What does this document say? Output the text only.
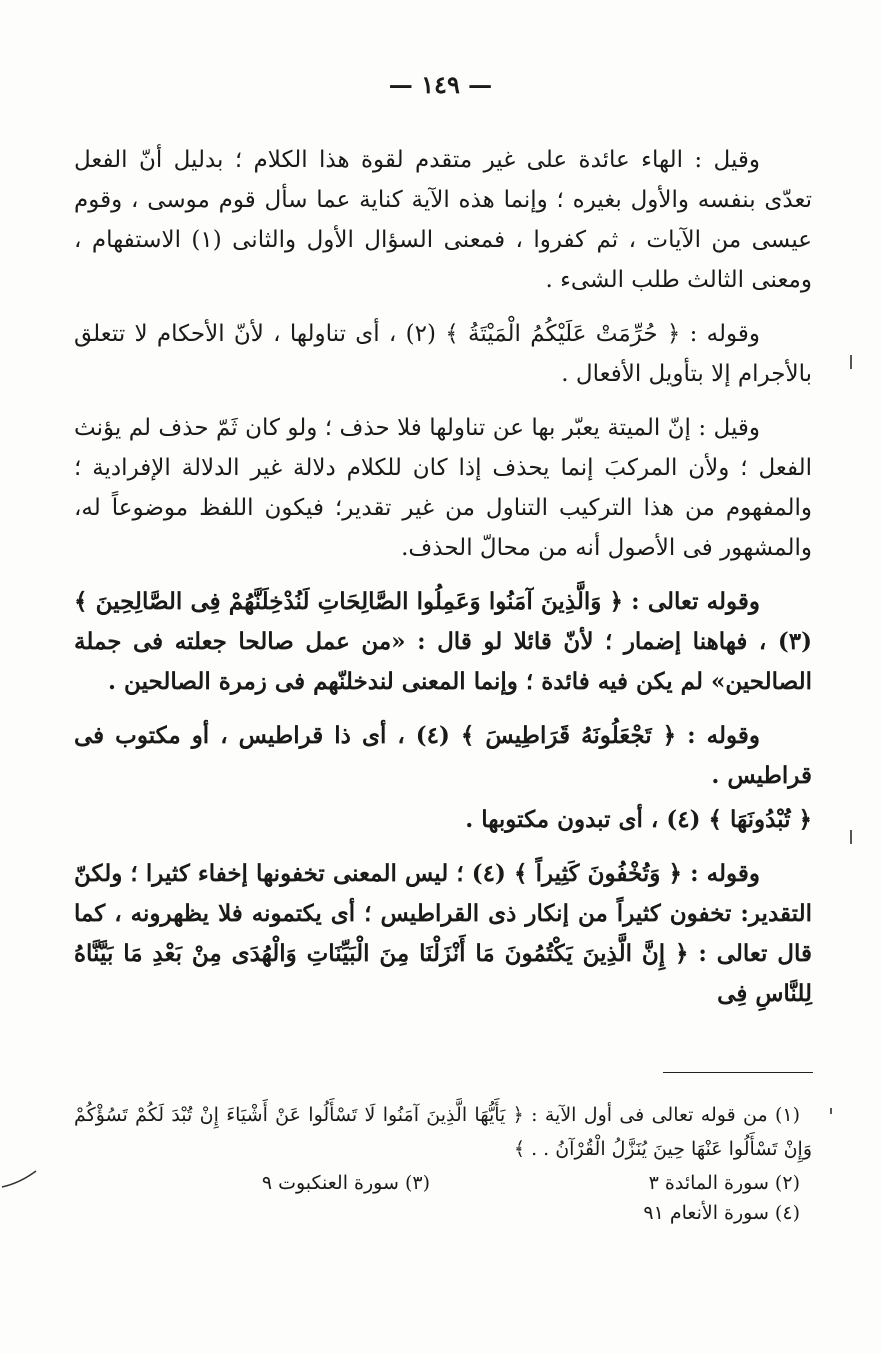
— ١٤٩ —

وقيل : الهاء عائدة على غير متقدم لقوة هذا الكلام ؛ بدليل أنّ الفعل تعدّى بنفسه والأول بغيره ؛ وإنما هذه الآية كناية عما سأل قوم موسى ، وقوم عيسى من الآيات ، ثم كفروا ، فمعنى السؤال الأول والثانى (١) الاستفهام ، ومعنى الثالث طلب الشىء .

وقوله : ﴿ حُرِّمَتْ عَلَيْكُمُ الْمَيْتَةُ ﴾ (٢) ، أى تناولها ، لأنّ الأحكام لا تتعلق بالأجرام إلا بتأويل الأفعال .

وقيل : إنّ الميتة يعبّر بها عن تناولها فلا حذف ؛ ولو كان ثَمّ حذف لم يؤنث الفعل ؛ ولأن المركبَ إنما يحذف إذا كان للكلام دلالة غير الدلالة الإفرادية ؛ والمفهوم من هذا التركيب التناول من غير تقدير؛ فيكون اللفظ موضوعاً له، والمشهور فى الأصول أنه من محالّ الحذف.

وقوله تعالى : ﴿ وَالَّذِينَ آمَنُوا وَعَمِلُوا الصَّالِحَاتِ لَنُدْخِلَنَّهُمْ فِى الصَّالِحِينَ ﴾ (٣) ، فهاهنا إضمار ؛ لأنّ قائلا لو قال : «من عمل صالحا جعلته فى جملة الصالحين» لم يكن فيه فائدة ؛ وإنما المعنى لندخلنّهم فى زمرة الصالحين .

وقوله : ﴿ تَجْعَلُونَهُ قَرَاطِيسَ ﴾ (٤) ، أى ذا قراطيس ، أو مكتوب فى قراطيس .

﴿ تُبْدُونَهَا ﴾ (٤) ، أى تبدون مكتوبها .

وقوله : ﴿ وَتُخْفُونَ كَثِيراً ﴾ (٤) ؛ ليس المعنى تخفونها إخفاء كثيرا ؛ ولكنّ التقدير: تخفون كثيراً من إنكار ذى القراطيس ؛ أى يكتمونه فلا يظهرونه ، كما قال تعالى : ﴿ إِنَّ الَّذِينَ يَكْتُمُونَ مَا أَنْزَلْنَا مِنَ الْبَيِّنَاتِ وَالْهُدَى مِنْ بَعْدِ مَا بَيَّنَّاهُ لِلنَّاسِ فِى

(١) من قوله تعالى فى أول الآية : ﴿ يَأَيُّهَا الَّذِينَ آمَنُوا لَا تَسْأَلُوا عَنْ أَشْيَاءَ إِنْ تُبْدَ لَكُمْ تَسُؤْكُمْ وَإِنْ تَسْأَلُوا عَنْهَا حِينَ يُنَزَّلُ الْقُرْآنُ . . ﴾

(٢) سورة المائدة ٣
(٣) سورة العنكبوت ٩
(٤) سورة الأنعام ٩١
